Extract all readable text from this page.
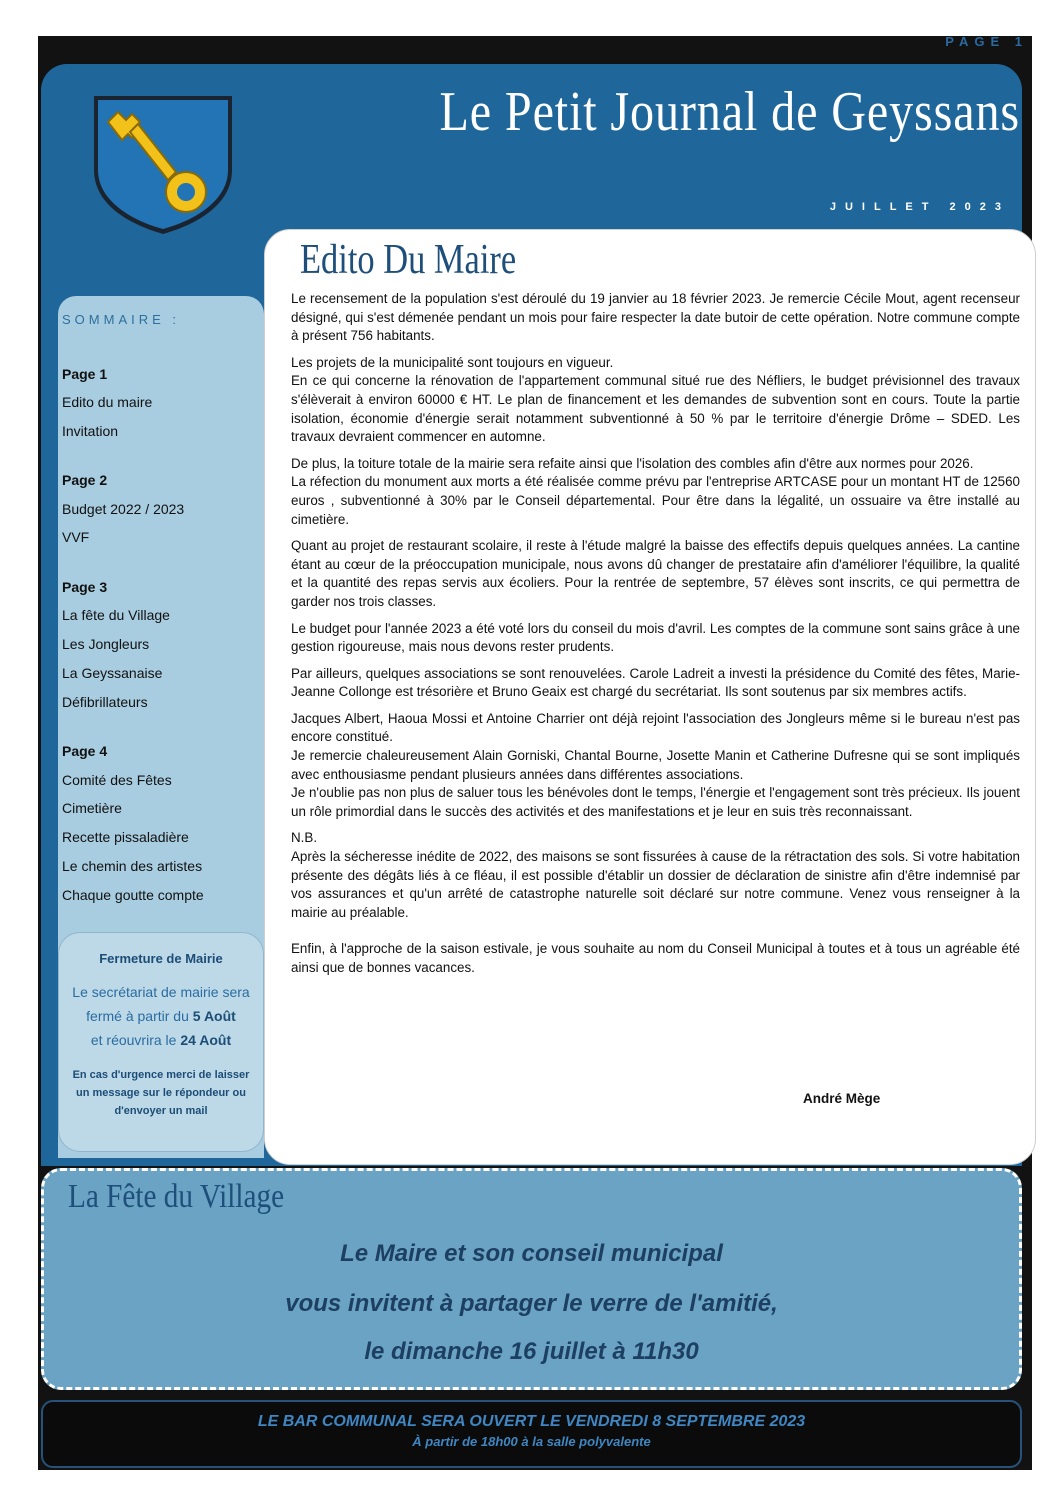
PAGE 1
Le Petit Journal de Geyssans
JUILLET 2023
SOMMAIRE :
Page 1
Edito du maire
Invitation
Page 2
Budget 2022 / 2023
VVF
Page 3
La fête du Village
Les Jongleurs
La Geyssanaise
Défibrillateurs
Page 4
Comité des Fêtes
Cimetière
Recette pissaladière
Le chemin des artistes
Chaque goutte compte
Fermeture de Mairie
Le secrétariat de mairie sera
fermé à partir du 5 Août
et réouvrira le 24 Août
En cas d'urgence merci de laisser un message sur le répondeur ou d'envoyer un mail
Edito Du Maire

Le recensement de la population s'est déroulé du 19 janvier au 18 février 2023. Je remercie Cécile Mout, agent recenseur désigné, qui s'est démenée pendant un mois pour faire respecter la date butoir de cette opération. Notre commune compte à présent 756 habitants.

Les projets de la municipalité sont toujours en vigueur.
En ce qui concerne la rénovation de l'appartement communal situé rue des Néfliers, le budget prévisionnel des travaux s'élèverait à environ 60000 € HT. Le plan de financement et les demandes de subvention sont en cours. Toute la partie isolation, économie d'énergie serait notamment subventionné à 50 % par le territoire d'énergie Drôme – SDED. Les travaux devraient commencer en automne.

De plus, la toiture totale de la mairie sera refaite ainsi que l'isolation des combles afin d'être aux normes pour 2026.
La réfection du monument aux morts a été réalisée comme prévu par l'entreprise ARTCASE pour un montant HT de 12560 euros , subventionné à 30% par le Conseil départemental. Pour être dans la légalité, un ossuaire va être installé au cimetière.

Quant au projet de restaurant scolaire, il reste à l'étude malgré la baisse des effectifs depuis quelques années. La cantine étant au cœur de la préoccupation municipale, nous avons dû changer de prestataire afin d'améliorer l'équilibre, la qualité et la quantité des repas servis aux écoliers. Pour la rentrée de septembre, 57 élèves sont inscrits, ce qui permettra de garder nos trois classes.

Le budget pour l'année 2023 a été voté lors du conseil du mois d'avril. Les comptes de la commune sont sains grâce à une gestion rigoureuse, mais nous devons rester prudents.

Par ailleurs, quelques associations se sont renouvelées. Carole Ladreit a investi la présidence du Comité des fêtes, Marie-Jeanne Collonge est trésorière et Bruno Geaix est chargé du secrétariat. Ils sont soutenus par six membres actifs.

Jacques Albert, Haoua Mossi et Antoine Charrier ont déjà rejoint l'association des Jongleurs même si le bureau n'est pas encore constitué.
Je remercie chaleureusement Alain Gorniski, Chantal Bourne, Josette Manin et Catherine Dufresne qui se sont impliqués avec enthousiasme pendant plusieurs années dans différentes associations.
Je n'oublie pas non plus de saluer tous les bénévoles dont le temps, l'énergie et l'engagement sont très précieux. Ils jouent un rôle primordial dans le succès des activités et des manifestations et je leur en suis très reconnaissant.

N.B.
Après la sécheresse inédite de 2022, des maisons se sont fissurées à cause de la rétractation des sols. Si votre habitation présente des dégâts liés à ce fléau, il est possible d'établir un dossier de déclaration de sinistre afin d'être indemnisé par vos assurances et qu'un arrêté de catastrophe naturelle soit déclaré sur notre commune. Venez vous renseigner à la mairie au préalable.

Enfin, à l'approche de la saison estivale, je vous souhaite au nom du Conseil Municipal à toutes et à tous un agréable été ainsi que de bonnes vacances.

André Mège
La Fête du Village
Le Maire et son conseil municipal
vous invitent à partager le verre de l'amitié,
le dimanche 16 juillet à 11h30
LE BAR COMMUNAL SERA OUVERT LE VENDREDI 8 SEPTEMBRE 2023
À partir de 18h00 à la salle polyvalente
